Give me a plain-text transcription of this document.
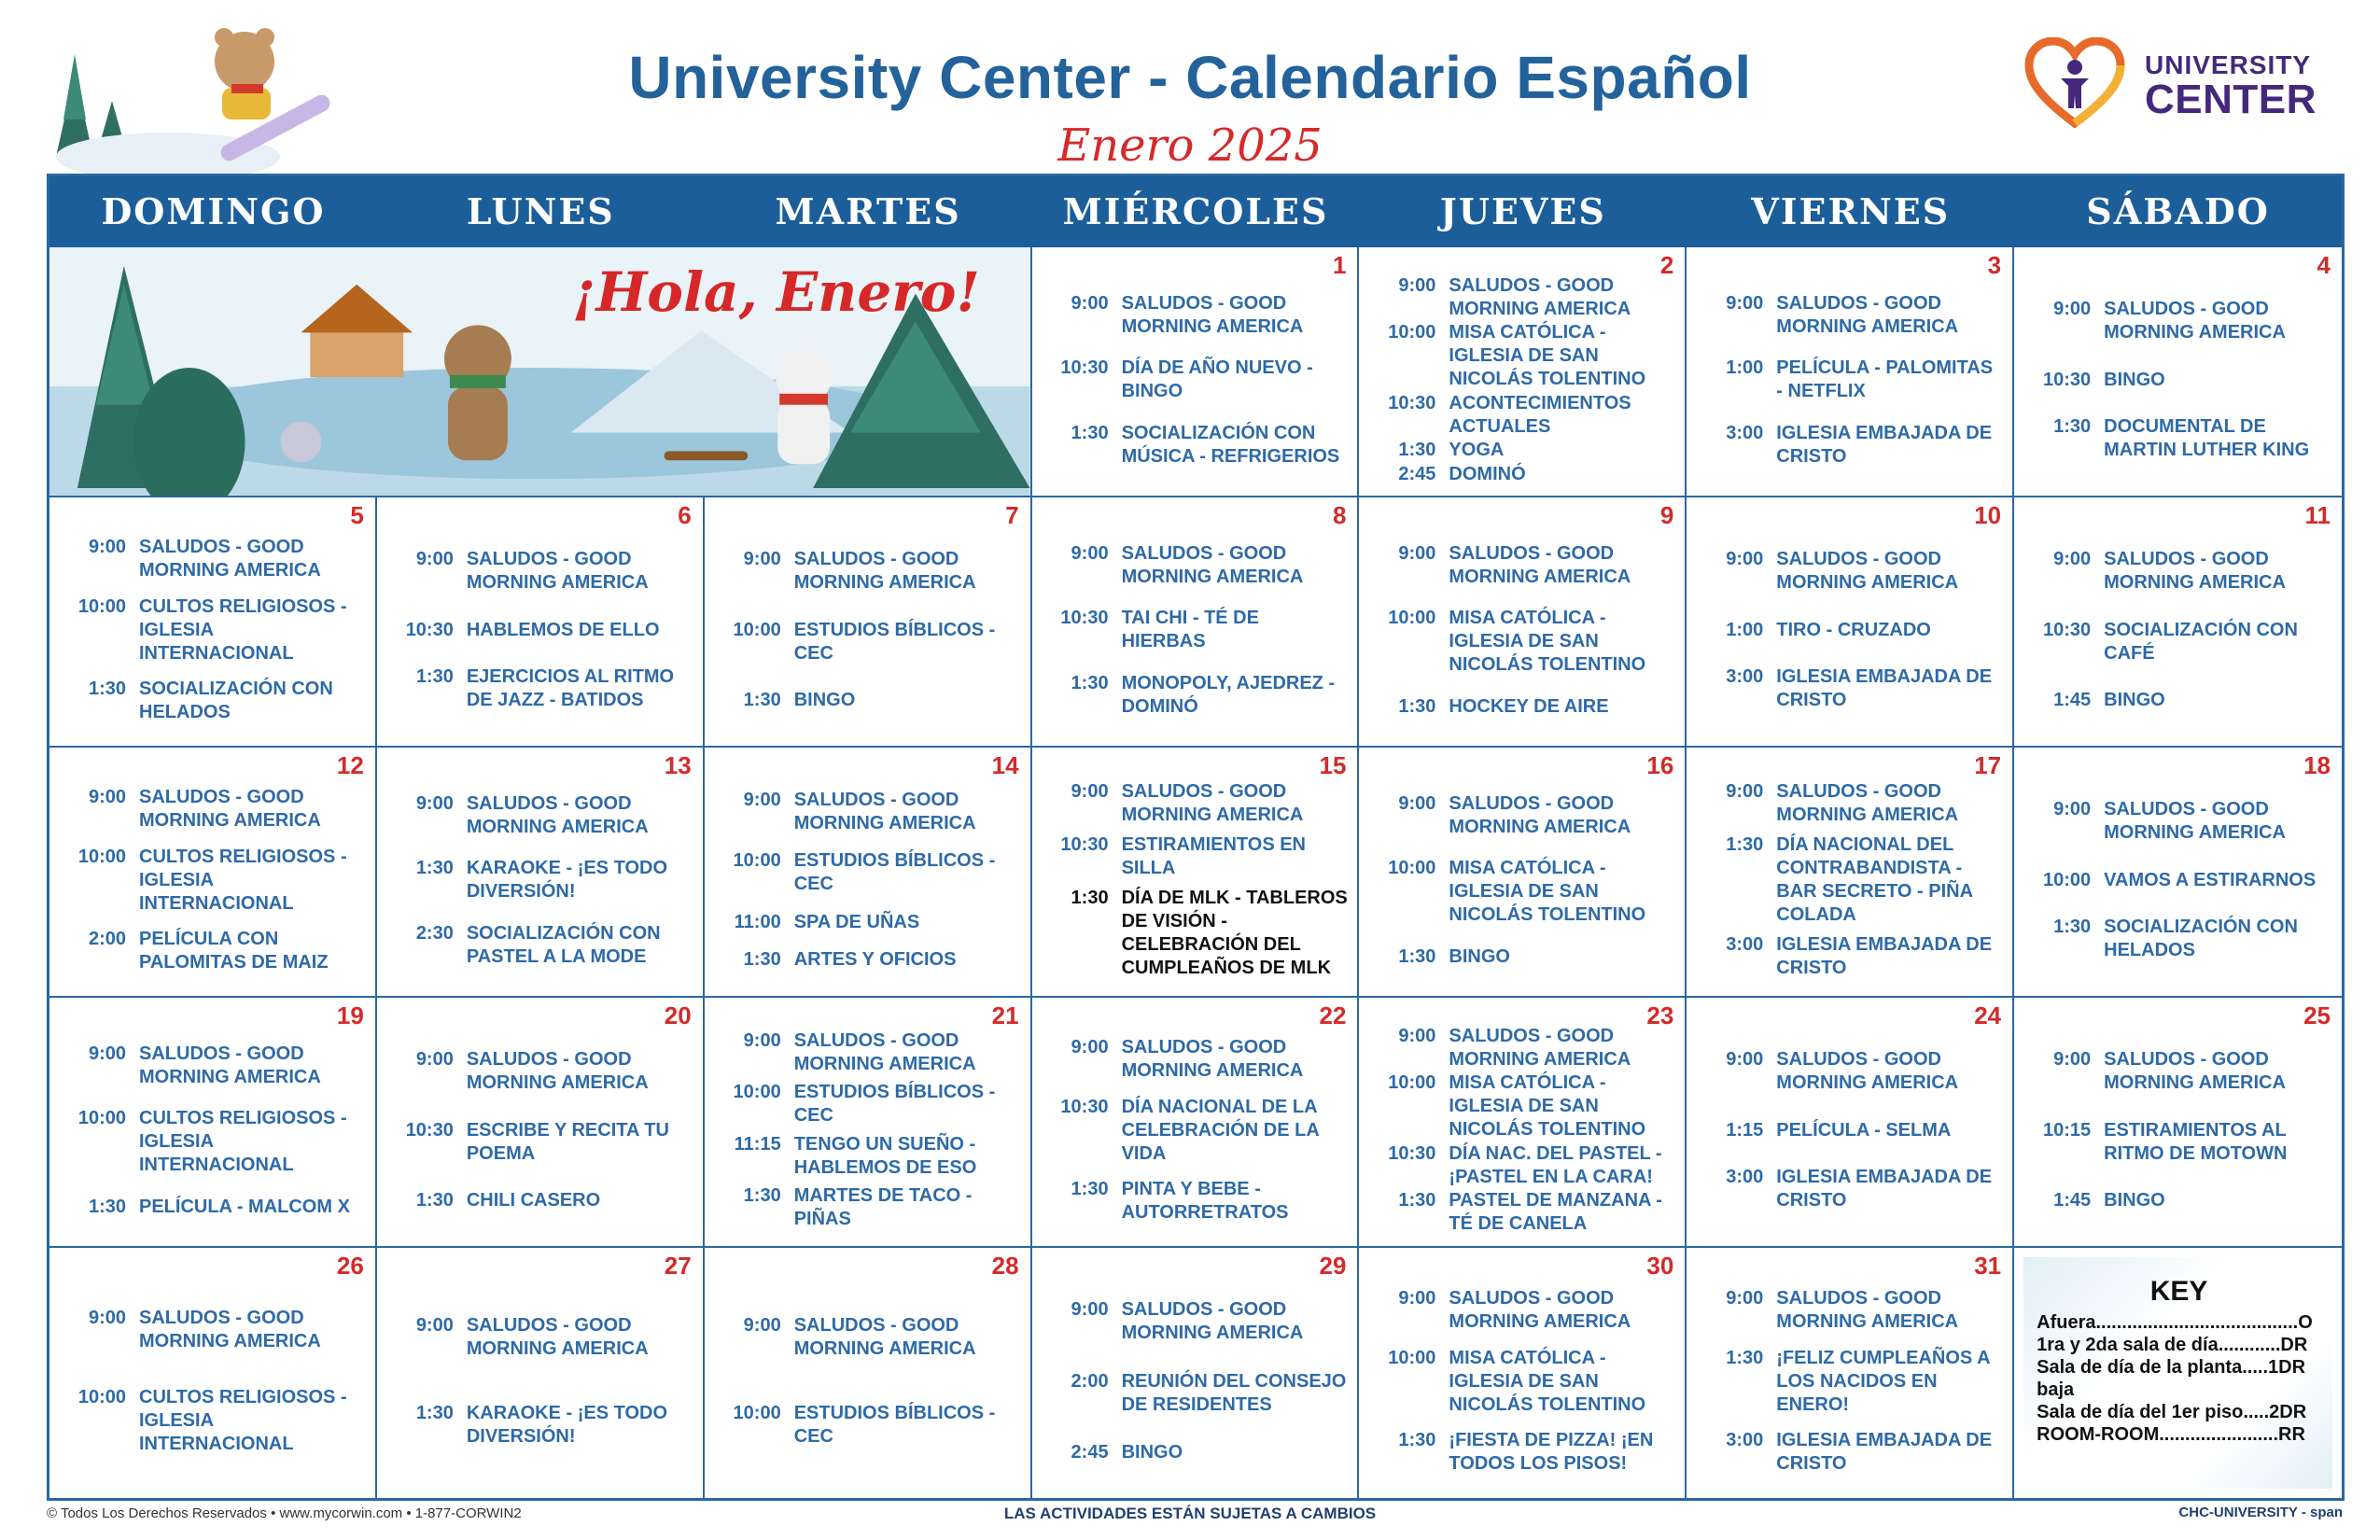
University Center - Calendario Español
Enero 2025
UNIVERSITY
CENTER
DOMINGO	LUNES	MARTES	MIÉRCOLES	JUEVES	VIERNES	SÁBADO
¡Hola, Enero!	1
9:00 SALUDOS - GOOD MORNING AMERICA
10:30 DÍA DE AÑO NUEVO - BINGO
1:30 SOCIALIZACIÓN CON MÚSICA - REFRIGERIOS
2
9:00 SALUDOS - GOOD MORNING AMERICA
10:00 MISA CATÓLICA - IGLESIA DE SAN NICOLÁS TOLENTINO
10:30 ACONTECIMIENTOS ACTUALES
1:30 YOGA
2:45 DOMINÓ
3
9:00 SALUDOS - GOOD MORNING AMERICA
1:00 PELÍCULA - PALOMITAS - NETFLIX
3:00 IGLESIA EMBAJADA DE CRISTO
4
9:00 SALUDOS - GOOD MORNING AMERICA
10:30 BINGO
1:30 DOCUMENTAL DE MARTIN LUTHER KING
5
9:00 SALUDOS - GOOD MORNING AMERICA
10:00 CULTOS RELIGIOSOS - IGLESIA INTERNACIONAL
1:30 SOCIALIZACIÓN CON HELADOS
6
9:00 SALUDOS - GOOD MORNING AMERICA
10:30 HABLEMOS DE ELLO
1:30 EJERCICIOS AL RITMO DE JAZZ - BATIDOS
7
9:00 SALUDOS - GOOD MORNING AMERICA
10:00 ESTUDIOS BÍBLICOS - CEC
1:30 BINGO
8
9:00 SALUDOS - GOOD MORNING AMERICA
10:30 TAI CHI - TÉ DE HIERBAS
1:30 MONOPOLY, AJEDREZ - DOMINÓ
9
9:00 SALUDOS - GOOD MORNING AMERICA
10:00 MISA CATÓLICA - IGLESIA DE SAN NICOLÁS TOLENTINO
1:30 HOCKEY DE AIRE
10
9:00 SALUDOS - GOOD MORNING AMERICA
1:00 TIRO - CRUZADO
3:00 IGLESIA EMBAJADA DE CRISTO
11
9:00 SALUDOS - GOOD MORNING AMERICA
10:30 SOCIALIZACIÓN CON CAFÉ
1:45 BINGO
12
9:00 SALUDOS - GOOD MORNING AMERICA
10:00 CULTOS RELIGIOSOS - IGLESIA INTERNACIONAL
2:00 PELÍCULA CON PALOMITAS DE MAIZ
13
9:00 SALUDOS - GOOD MORNING AMERICA
1:30 KARAOKE - ¡ES TODO DIVERSIÓN!
2:30 SOCIALIZACIÓN CON PASTEL A LA MODE
14
9:00 SALUDOS - GOOD MORNING AMERICA
10:00 ESTUDIOS BÍBLICOS - CEC
11:00 SPA DE UÑAS
1:30 ARTES Y OFICIOS
15
9:00 SALUDOS - GOOD MORNING AMERICA
10:30 ESTIRAMIENTOS EN SILLA
1:30 DÍA DE MLK - TABLEROS DE VISIÓN - CELEBRACIÓN DEL CUMPLEAÑOS DE MLK
16
9:00 SALUDOS - GOOD MORNING AMERICA
10:00 MISA CATÓLICA - IGLESIA DE SAN NICOLÁS TOLENTINO
1:30 BINGO
17
9:00 SALUDOS - GOOD MORNING AMERICA
1:30 DÍA NACIONAL DEL CONTRABANDISTA - BAR SECRETO - PIÑA COLADA
3:00 IGLESIA EMBAJADA DE CRISTO
18
9:00 SALUDOS - GOOD MORNING AMERICA
10:00 VAMOS A ESTIRARNOS
1:30 SOCIALIZACIÓN CON HELADOS
19
9:00 SALUDOS - GOOD MORNING AMERICA
10:00 CULTOS RELIGIOSOS - IGLESIA INTERNACIONAL
1:30 PELÍCULA - MALCOM X
20
9:00 SALUDOS - GOOD MORNING AMERICA
10:30 ESCRIBE Y RECITA TU POEMA
1:30 CHILI CASERO
21
9:00 SALUDOS - GOOD MORNING AMERICA
10:00 ESTUDIOS BÍBLICOS - CEC
11:15 TENGO UN SUEÑO - HABLEMOS DE ESO
1:30 MARTES DE TACO - PIÑAS
22
9:00 SALUDOS - GOOD MORNING AMERICA
10:30 DÍA NACIONAL DE LA CELEBRACIÓN DE LA VIDA
1:30 PINTA Y BEBE - AUTORRETRATOS
23
9:00 SALUDOS - GOOD MORNING AMERICA
10:00 MISA CATÓLICA - IGLESIA DE SAN NICOLÁS TOLENTINO
10:30 DÍA NAC. DEL PASTEL - ¡PASTEL EN LA CARA!
1:30 PASTEL DE MANZANA - TÉ DE CANELA
24
9:00 SALUDOS - GOOD MORNING AMERICA
1:15 PELÍCULA - SELMA
3:00 IGLESIA EMBAJADA DE CRISTO
25
9:00 SALUDOS - GOOD MORNING AMERICA
10:15 ESTIRAMIENTOS AL RITMO DE MOTOWN
1:45 BINGO
26
9:00 SALUDOS - GOOD MORNING AMERICA
10:00 CULTOS RELIGIOSOS - IGLESIA INTERNACIONAL
27
9:00 SALUDOS - GOOD MORNING AMERICA
1:30 KARAOKE - ¡ES TODO DIVERSIÓN!
28
9:00 SALUDOS - GOOD MORNING AMERICA
10:00 ESTUDIOS BÍBLICOS - CEC
29
9:00 SALUDOS - GOOD MORNING AMERICA
2:00 REUNIÓN DEL CONSEJO DE RESIDENTES
2:45 BINGO
30
9:00 SALUDOS - GOOD MORNING AMERICA
10:00 MISA CATÓLICA - IGLESIA DE SAN NICOLÁS TOLENTINO
1:30 ¡FIESTA DE PIZZA! ¡EN TODOS LOS PISOS!
31
9:00 SALUDOS - GOOD MORNING AMERICA
1:30 ¡FELIZ CUMPLEAÑOS A LOS NACIDOS EN ENERO!
3:00 IGLESIA EMBAJADA DE CRISTO
KEY
Afuera.......................................O
1ra y 2da sala de día............DR
Sala de día de la planta.....1DR
baja
Sala de día del 1er piso.....2DR
ROOM-ROOM.......................RR
© Todos Los Derechos Reservados • www.mycorwin.com • 1-877-CORWIN2	LAS ACTIVIDADES ESTÁN SUJETAS A CAMBIOS	CHC-UNIVERSITY - span
